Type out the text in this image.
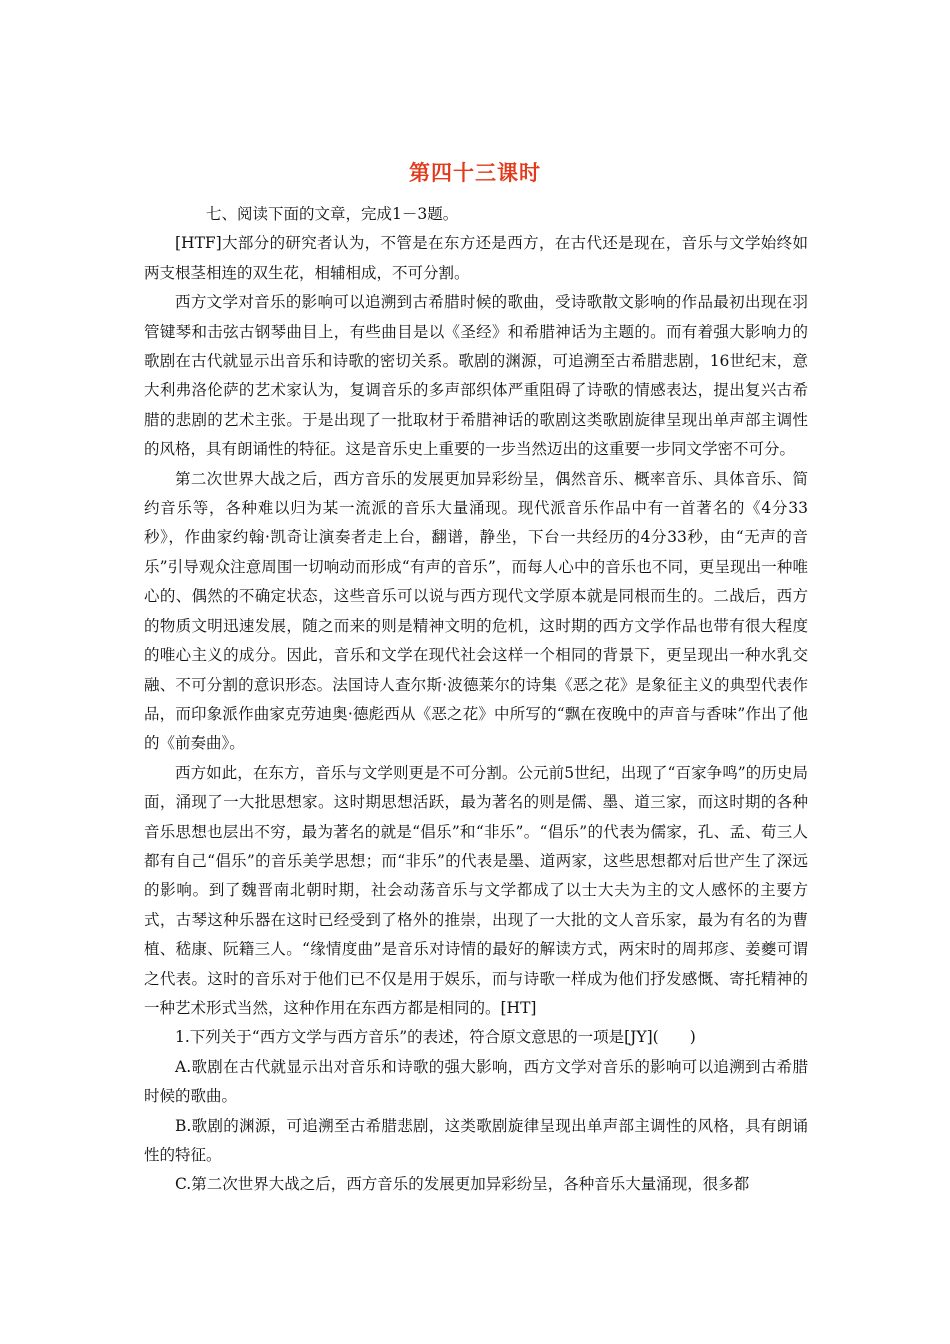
第四十三课时

七、阅读下面的文章，完成1－3题。

[HTF]大部分的研究者认为，不管是在东方还是西方，在古代还是现在，音乐与文学始终如两支根茎相连的双生花，相辅相成，不可分割。

西方文学对音乐的影响可以追溯到古希腊时候的歌曲，受诗歌散文影响的作品最初出现在羽管键琴和击弦古钢琴曲目上，有些曲目是以《圣经》和希腊神话为主题的。而有着强大影响力的歌剧在古代就显示出音乐和诗歌的密切关系。歌剧的渊源，可追溯至古希腊悲剧，16世纪末，意大利弗洛伦萨的艺术家认为，复调音乐的多声部织体严重阻碍了诗歌的情感表达，提出复兴古希腊的悲剧的艺术主张。于是出现了一批取材于希腊神话的歌剧这类歌剧旋律呈现出单声部主调性的风格，具有朗诵性的特征。这是音乐史上重要的一步当然迈出的这重要一步同文学密不可分。

第二次世界大战之后，西方音乐的发展更加异彩纷呈，偶然音乐、概率音乐、具体音乐、简约音乐等，各种难以归为某一流派的音乐大量涌现。现代派音乐作品中有一首著名的《4分33秒》，作曲家约翰·凯奇让演奏者走上台，翻谱，静坐，下台一共经历的4分33秒，由“无声的音乐”引导观众注意周围一切响动而形成“有声的音乐”，而每人心中的音乐也不同，更呈现出一种唯心的、偶然的不确定状态，这些音乐可以说与西方现代文学原本就是同根而生的。二战后，西方的物质文明迅速发展，随之而来的则是精神文明的危机，这时期的西方文学作品也带有很大程度的唯心主义的成分。因此，音乐和文学在现代社会这样一个相同的背景下，更呈现出一种水乳交融、不可分割的意识形态。法国诗人查尔斯·波德莱尔的诗集《恶之花》是象征主义的典型代表作品，而印象派作曲家克劳迪奥·德彪西从《恶之花》中所写的“飘在夜晚中的声音与香味”作出了他的《前奏曲》。

西方如此，在东方，音乐与文学则更是不可分割。公元前5世纪，出现了“百家争鸣”的历史局面，涌现了一大批思想家。这时期思想活跃，最为著名的则是儒、墨、道三家，而这时期的各种音乐思想也层出不穷，最为著名的就是“倡乐”和“非乐”。“倡乐”的代表为儒家，孔、孟、荀三人都有自己“倡乐”的音乐美学思想；而“非乐”的代表是墨、道两家，这些思想都对后世产生了深远的影响。到了魏晋南北朝时期，社会动荡音乐与文学都成了以士大夫为主的文人感怀的主要方式，古琴这种乐器在这时已经受到了格外的推崇，出现了一大批的文人音乐家，最为有名的为曹植、嵇康、阮籍三人。“缘情度曲”是音乐对诗情的最好的解读方式，两宋时的周邦彦、姜夔可谓之代表。这时的音乐对于他们已不仅是用于娱乐，而与诗歌一样成为他们抒发感慨、寄托精神的一种艺术形式当然，这种作用在东西方都是相同的。[HT]

1.下列关于“西方文学与西方音乐”的表述，符合原文意思的一项是[JY](　　)

A.歌剧在古代就显示出对音乐和诗歌的强大影响，西方文学对音乐的影响可以追溯到古希腊时候的歌曲。

B.歌剧的渊源，可追溯至古希腊悲剧，这类歌剧旋律呈现出单声部主调性的风格，具有朗诵性的特征。

C.第二次世界大战之后，西方音乐的发展更加异彩纷呈，各种音乐大量涌现，很多都
